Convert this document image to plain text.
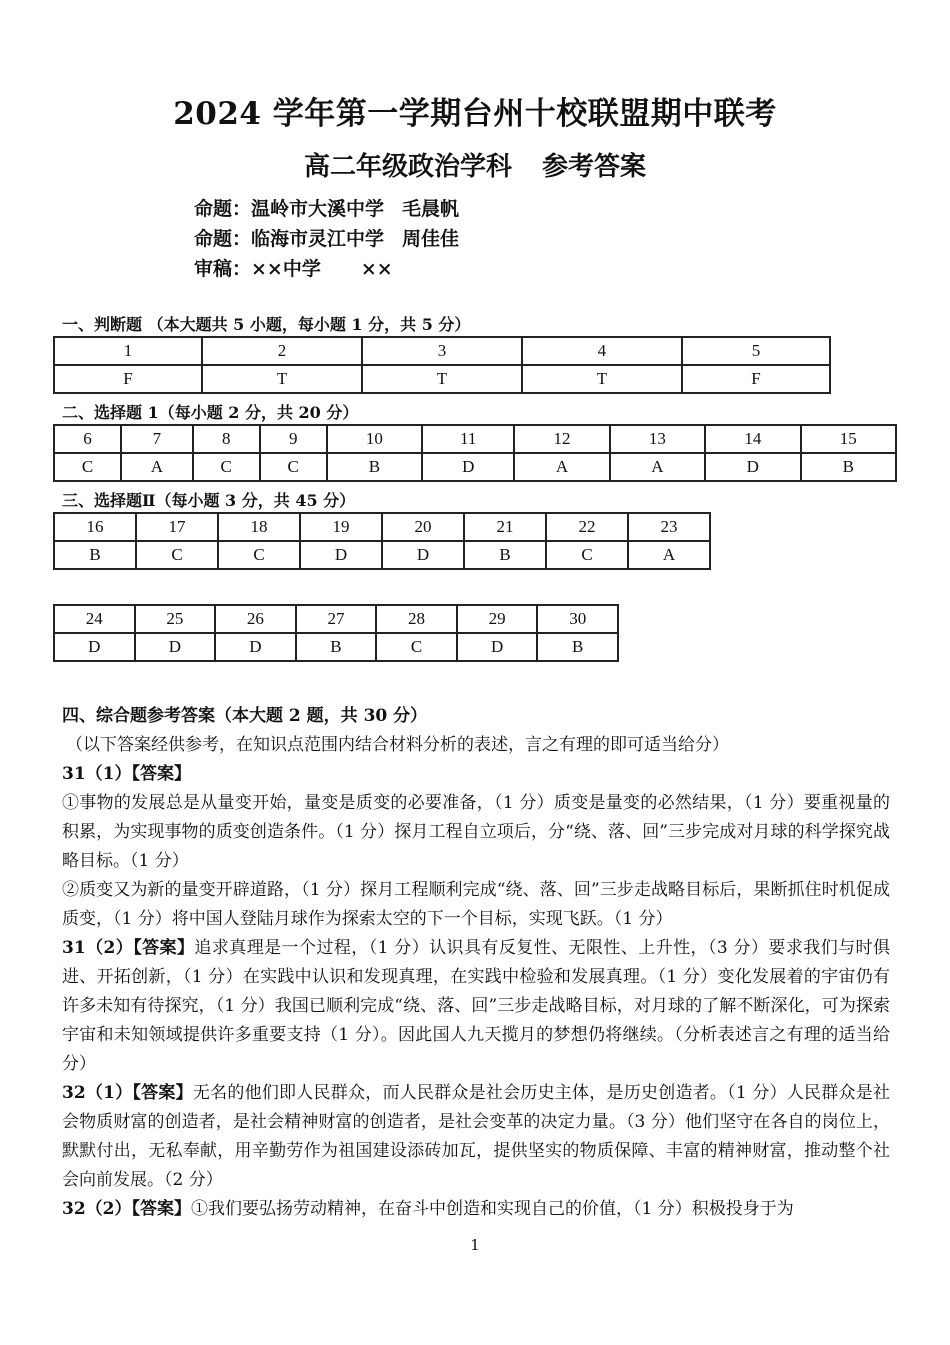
2024 学年第一学期台州十校联盟期中联考
高二年级政治学科 参考答案
命题：温岭市大溪中学 毛晨帆
命题：临海市灵江中学 周佳佳
审稿：××中学 ××
一、判断题 （本大题共 5 小题，每小题 1 分，共 5 分）
1	2	3	4	5
F	T	T	T	F
二、选择题 1（每小题 2 分，共 20 分）
6	7	8	9	10	11	12	13	14	15
C	A	C	C	B	D	A	A	D	B
三、选择题Ⅱ（每小题 3 分，共 45 分）
16	17	18	19	20	21	22	23
B	C	C	D	D	B	C	A
24	25	26	27	28	29	30
D	D	D	B	C	D	B

四、综合题参考答案（本大题 2 题，共 30 分）

（以下答案经供参考，在知识点范围内结合材料分析的表述，言之有理的即可适当给分）

31（1）【答案】

①事物的发展总是从量变开始，量变是质变的必要准备，（1 分）质变是量变的必然结果，（1 分）要重视量的积累，为实现事物的质变创造条件。（1 分）探月工程自立项后，分“绕、落、回”三步完成对月球的科学探究战略目标。（1 分）

②质变又为新的量变开辟道路，（1 分）探月工程顺利完成“绕、落、回”三步走战略目标后，果断抓住时机促成质变，（1 分）将中国人登陆月球作为探索太空的下一个目标，实现飞跃。（1 分）

31（2）【答案】追求真理是一个过程，（1 分）认识具有反复性、无限性、上升性，（3 分）要求我们与时俱进、开拓创新，（1 分）在实践中认识和发现真理，在实践中检验和发展真理。（1 分）变化发展着的宇宙仍有许多未知有待探究，（1 分）我国已顺利完成“绕、落、回”三步走战略目标，对月球的了解不断深化，可为探索宇宙和未知领域提供许多重要支持（1 分）。因此国人九天揽月的梦想仍将继续。（分析表述言之有理的适当给分）

32（1）【答案】无名的他们即人民群众，而人民群众是社会历史主体，是历史创造者。（1 分）人民群众是社会物质财富的创造者，是社会精神财富的创造者，是社会变革的决定力量。（3 分）他们坚守在各自的岗位上，默默付出，无私奉献，用辛勤劳作为祖国建设添砖加瓦，提供坚实的物质保障、丰富的精神财富，推动整个社会向前发展。（2 分）

32（2）【答案】①我们要弘扬劳动精神，在奋斗中创造和实现自己的价值，（1 分）积极投身于为

1
